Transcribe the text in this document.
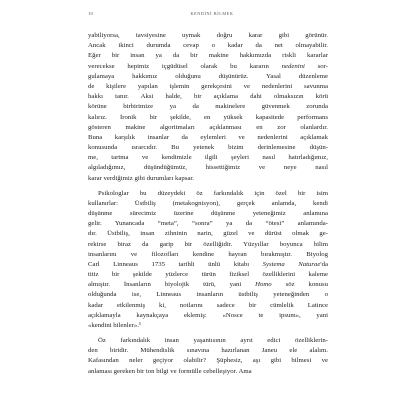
10	KENDİNİ BİLMEK
yabiliyorsa, tavsiyesine uymak doğru karar gibi görünür.
Ancak ikinci durumda cevap o kadar da net olmayabilir.
Eğer bir insan ya da bir makine hakkımızda riskli kararlar
verecekse hepimiz içgüdüsel olarak bu kararın nedenini sor-
gulamaya hakkımız olduğunu düşünürüz. Yasal düzenleme
de kişilere yapılan işlemin gerekçesini ve nedenlerini savunma
hakkı tanır. Aksi halde, bir açıklama dahi olmaksızın körü
körüne birbirimize ya da makinelere güvenmek zorunda
kalırız. İronik bir şekilde, en yüksek kapasitede performans
gösteren makine algoritmaları açıklanması en zor olanlardır.
Buna karşılık insanlar da eylemleri ve nedenlerini açıklamak
konusunda ısrarcıdır. Bu yetenek bizim derinlemesine düşün-
me, tartma ve kendimizle ilgili şeyleri nasıl hatırladığımız,
algıladığımız, düşündüğümüz, hissettiğimiz ve neye nasıl
karar verdiğimiz gibi durumları kapsar.
Psikologlar bu düzeydeki öz farkındalık için özel bir isim
kullanırlar: Üstbiliş (metakognisyon), gerçek anlamda, kendi
düşünme sürecimiz üzerine düşünme yeteneğimiz anlamına
gelir. Yunancada “meta”, “sonra” ya da “ötesi” anlamında-
dır. Üstbiliş, insan zihninin narin, güzel ve dürüst olmak ge-
rekirse biraz da garip bir özelliğidir. Yüzyıllar boyunca bilim
insanlarını ve filozofları kendine hayran bırakmıştır. Biyolog
Carl Linneaus 1735 tarihli ünlü kitabı Systema Naturae'da
titiz bir şekilde yüzlerce türün fiziksel özelliklerini kaleme
almıştır. İnsanların biyolojik türü, yani Homo söz konusu
olduğunda ise, Linneaus insanların üstbiliş yeteneğinden o
kadar etkilenmiş ki, notlarını sadece bir cümlelik Latince
açıklamayla kaynakçaya eklemiş: «Nosce te ipsum», yani
«kendini bilenler».¹
Öz farkındalık insan yaşantısının ayrıt edici özelliklerin-
den biridir. Mühendislik sınavına hazırlanan Janeu ele alalım.
Kafasından neler geçiyor olabilir? Şüphesiz, aşı gibi bilmesi ve
anlaması gereken bir ton bilgi ve formülle cebelleşiyor. Ama
